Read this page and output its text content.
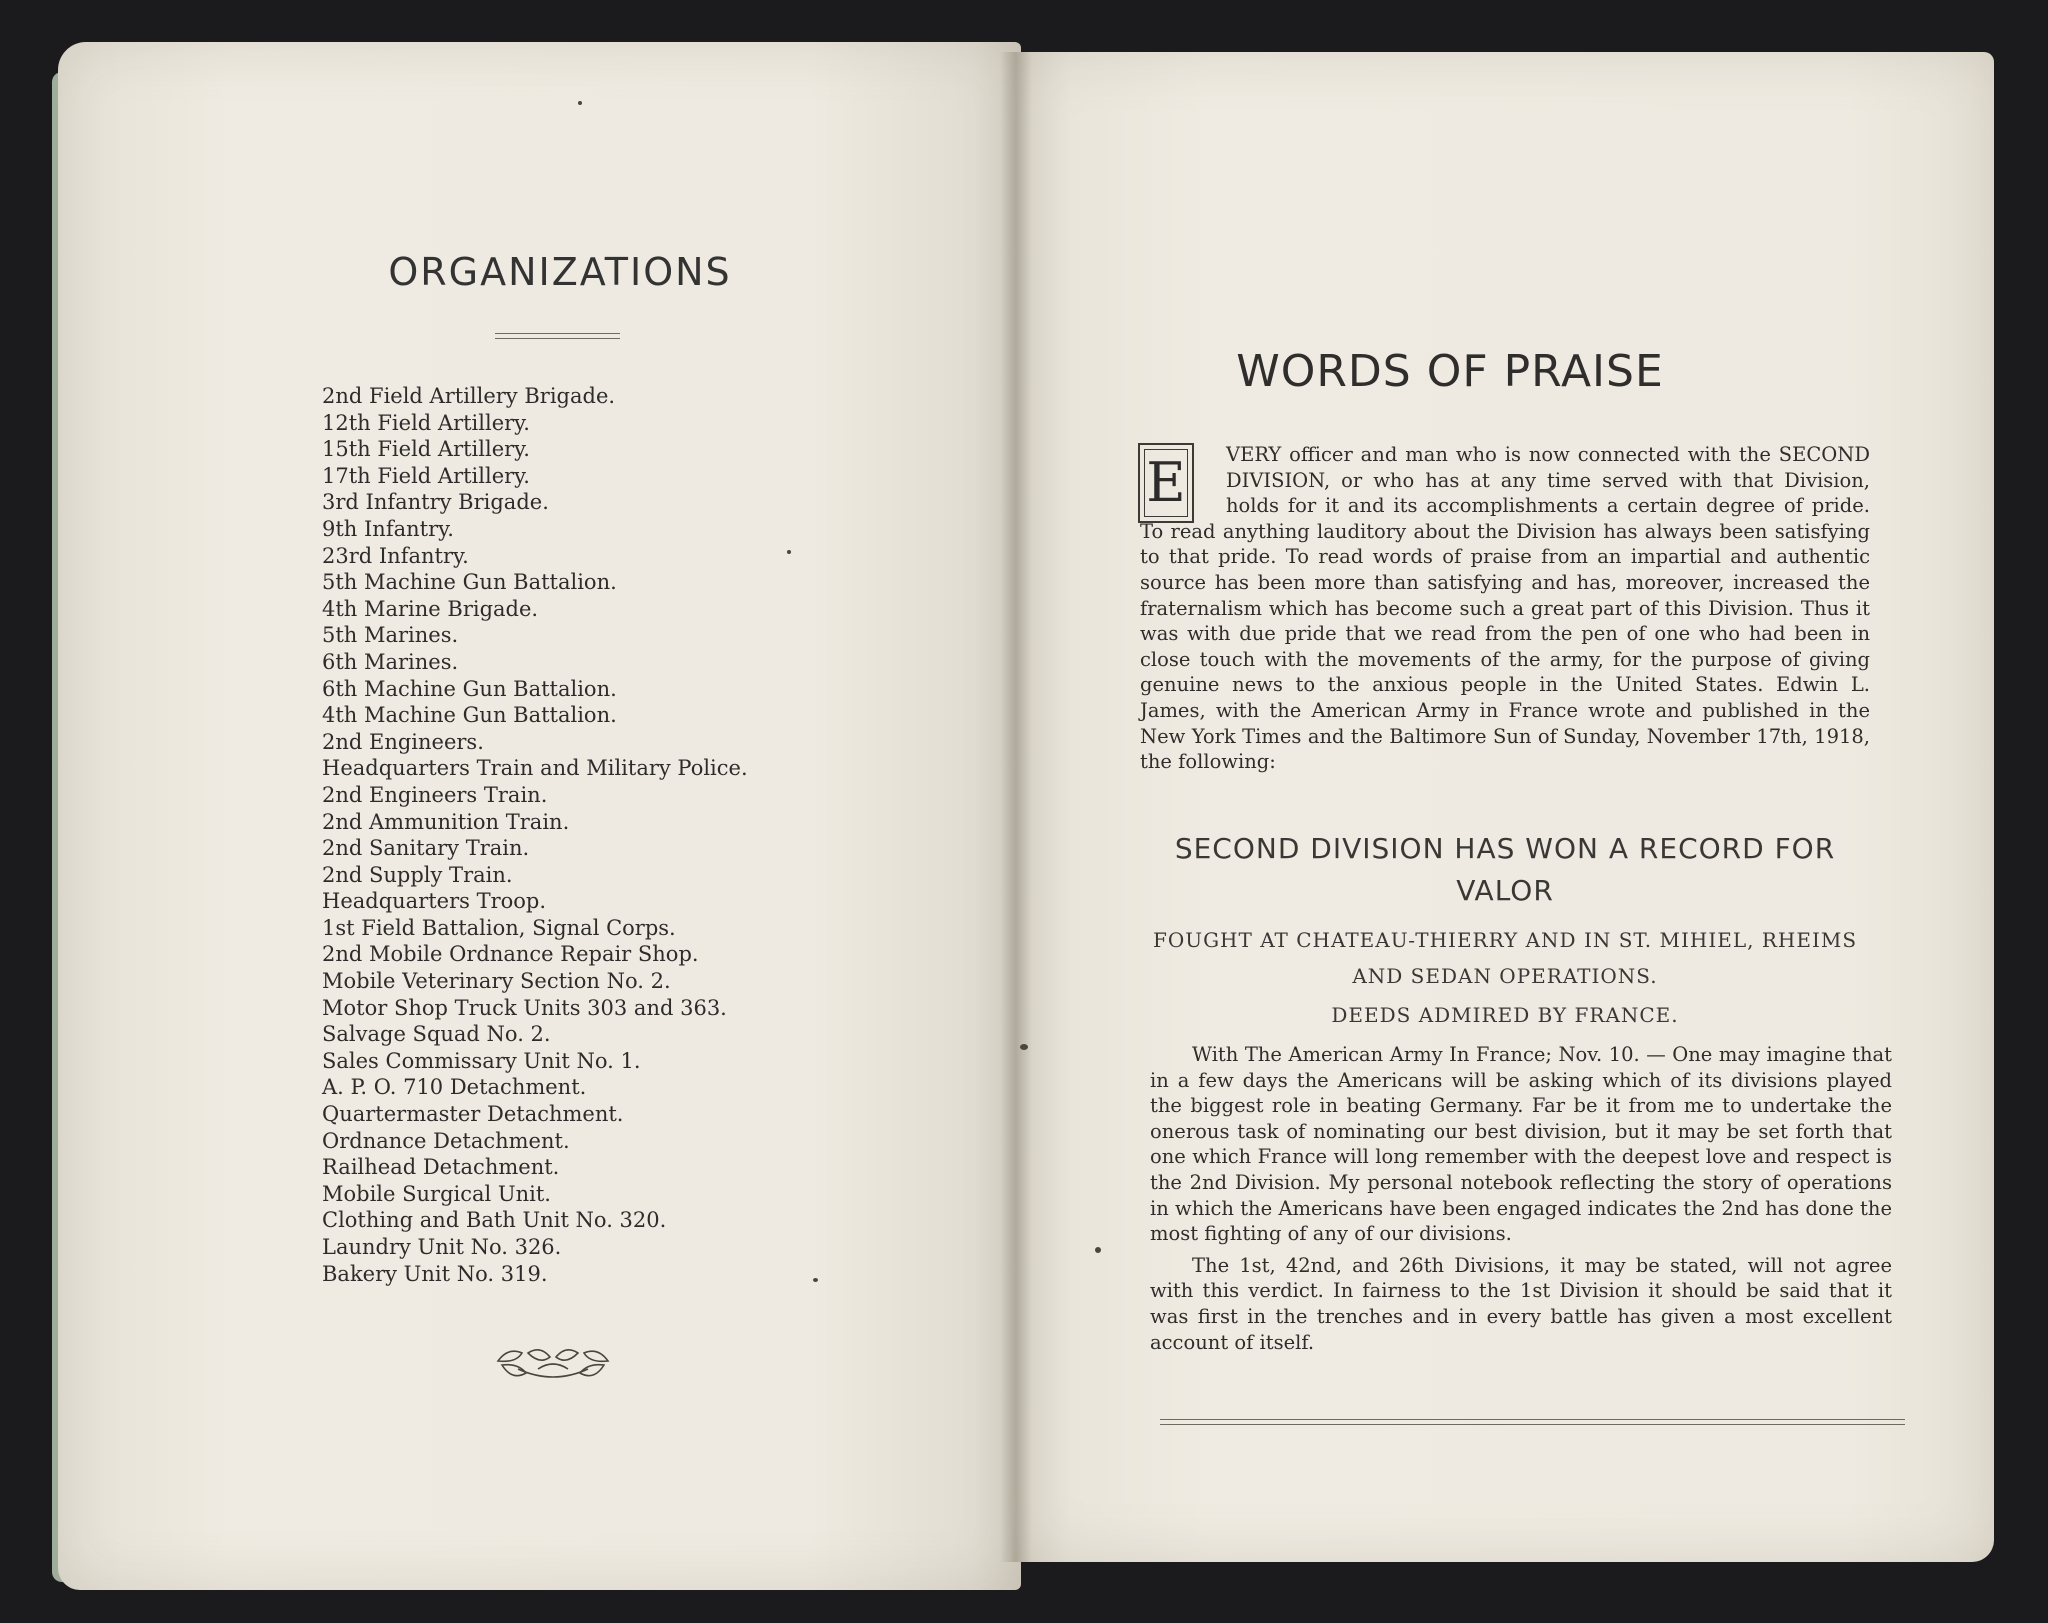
ORGANIZATIONS
2nd Field Artillery Brigade.
12th Field Artillery.
15th Field Artillery.
17th Field Artillery.
3rd Infantry Brigade.
9th Infantry.
23rd Infantry.
5th Machine Gun Battalion.
4th Marine Brigade.
5th Marines.
6th Marines.
6th Machine Gun Battalion.
4th Machine Gun Battalion.
2nd Engineers.
Headquarters Train and Military Police.
2nd Engineers Train.
2nd Ammunition Train.
2nd Sanitary Train.
2nd Supply Train.
Headquarters Troop.
1st Field Battalion, Signal Corps.
2nd Mobile Ordnance Repair Shop.
Mobile Veterinary Section No. 2.
Motor Shop Truck Units 303 and 363.
Salvage Squad No. 2.
Sales Commissary Unit No. 1.
A. P. O. 710 Detachment.
Quartermaster Detachment.
Ordnance Detachment.
Railhead Detachment.
Mobile Surgical Unit.
Clothing and Bath Unit No. 320.
Laundry Unit No. 326.
Bakery Unit No. 319.
WORDS OF PRAISE
E	VERY officer and man who is now connected with the SECOND DIVISION, or who has at any time served with that Division, holds for it and its accomplishments a certain degree of pride. To read anything lauditory about the Division has always been satisfying to that pride. To read words of praise from an impartial and authentic source has been more than satisfying and has, moreover, increased the fraternalism which has become such a great part of this Division. Thus it was with due pride that we read from the pen of one who had been in close touch with the movements of the army, for the purpose of giving genuine news to the anxious people in the United States. Edwin L. James, with the American Army in France wrote and published in the New York Times and the Baltimore Sun of Sunday, November 17th, 1918, the following:
SECOND DIVISION HAS WON A RECORD FOR VALOR

FOUGHT AT CHATEAU-THIERRY AND IN ST. MIHIEL, RHEIMS AND SEDAN OPERATIONS.

DEEDS ADMIRED BY FRANCE.

With The American Army In France; Nov. 10. — One may imagine that in a few days the Americans will be asking which of its divisions played the biggest role in beating Germany. Far be it from me to undertake the onerous task of nominating our best division, but it may be set forth that one which France will long remember with the deepest love and respect is the 2nd Division. My personal notebook reflecting the story of operations in which the Americans have been engaged indicates the 2nd has done the most fighting of any of our divisions.

The 1st, 42nd, and 26th Divisions, it may be stated, will not agree with this verdict. In fairness to the 1st Division it should be said that it was first in the trenches and in every battle has given a most excellent account of itself.
